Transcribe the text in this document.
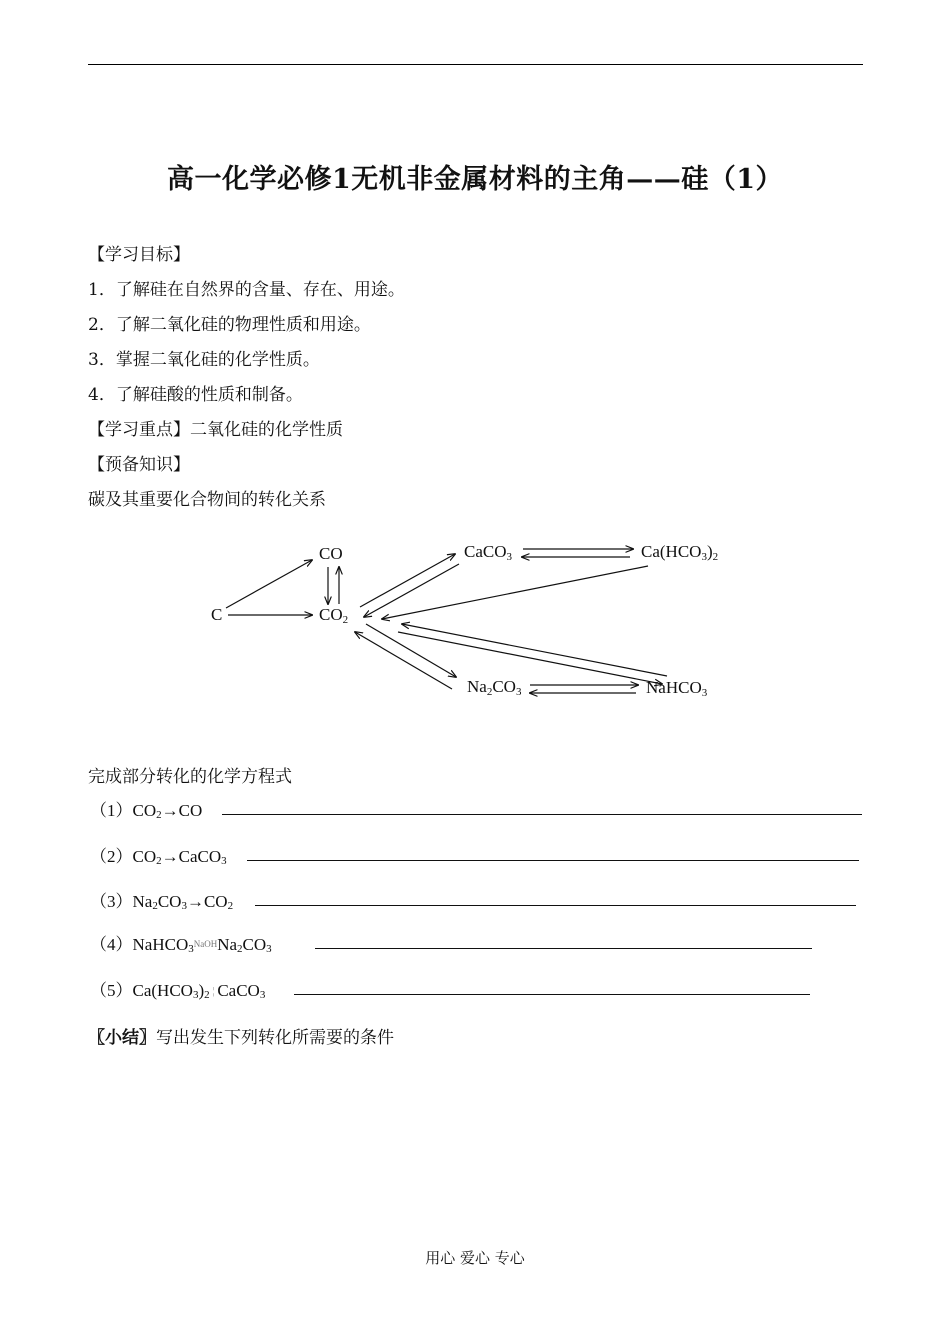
高一化学必修1无机非金属材料的主角——硅（1）
【学习目标】
1．了解硅在自然界的含量、存在、用途。
2．了解二氧化硅的物理性质和用途。
3．掌握二氧化硅的化学性质。
4．了解硅酸的性质和制备。
【学习重点】二氧化硅的化学性质
【预备知识】
碳及其重要化合物间的转化关系
C
CO
CO2
CaCO3	Ca(HCO3)2
Na2CO3	NaHCO3
完成部分转化的化学方程式
$(1)CO_2\to CO$
$(2)CO_2\to CaCO_3$
$(3)Na_2CO_3\to CO_2$
$(4)NaHCO_3NaOHNa_2CO_3$
$(5)Ca(HCO_3)_2$ ¦ CaCO$_3$
〖小结〗写出发生下列转化所需要的条件
用心 爱心 专心
